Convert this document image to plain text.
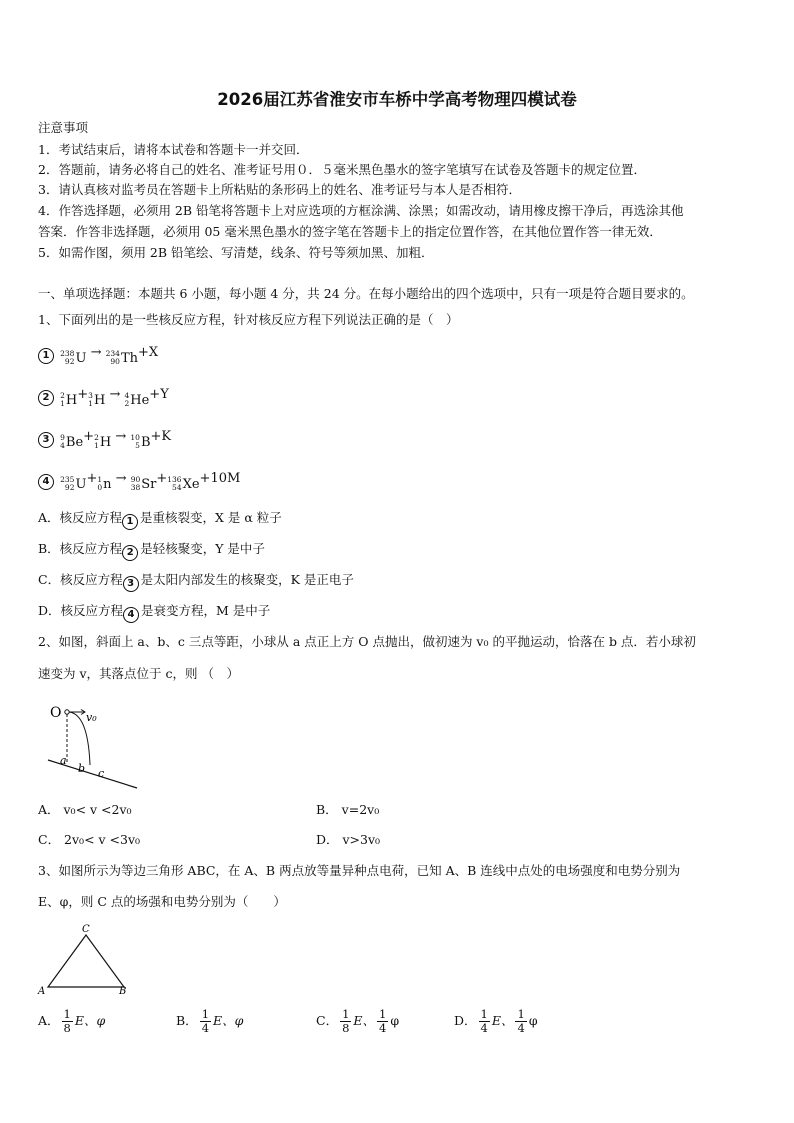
2026届江苏省淮安市车桥中学高考物理四模试卷
注意事项
1．考试结束后，请将本试卷和答题卡一并交回．
2．答题前，请务必将自己的姓名、准考证号用０．５毫米黑色墨水的签字笔填写在试卷及答题卡的规定位置．
3．请认真核对监考员在答题卡上所粘贴的条形码上的姓名、准考证号与本人是否相符．
4．作答选择题，必须用 2B 铅笔将答题卡上对应选项的方框涂满、涂黑；如需改动，请用橡皮擦干净后，再选涂其他
答案．作答非选择题，必须用 05 毫米黑色墨水的签字笔在答题卡上的指定位置作答，在其他位置作答一律无效．
5．如需作图，须用 2B 铅笔绘、写清楚，线条、符号等须加黑、加粗．
一、单项选择题：本题共 6 小题，每小题 4 分，共 24 分。在每小题给出的四个选项中，只有一项是符合题目要求的。
1、下面列出的是一些核反应方程，针对核反应方程下列说法正确的是（　）
1 238
92 U → 234
90 Th +X
2 2
1 H + 3
1 H → 4
2 He +Y
3 9
4 Be + 2
1 H → 10
5 B +K
4 235
92 U + 1
0 n → 90
38 Sr + 136
54 Xe +10M
A．核反应方程 1 是重核裂变，X 是 α 粒子
B．核反应方程 2 是轻核聚变，Y 是中子
C．核反应方程 3 是太阳内部发生的核聚变，K 是正电子
D．核反应方程 4 是衰变方程，M 是中子
2、如图，斜面上 a、b、c 三点等距，小球从 a 点正上方 O 点抛出，做初速为 v₀ 的平抛运动，恰落在 b 点．若小球初
速变为 v，其落点位于 c，则 （　）
O v₀
a
b c
A． v₀< v <2v₀	B． v=2v₀
C． 2v₀< v <3v₀	D． v>3v₀
3、如图所示为等边三角形 ABC，在 A、B 两点放等量异种点电荷，已知 A、B 连线中点处的电场强度和电势分别为
E、φ，则 C 点的场强和电势分别为（　　）
C
A	B
A． $\frac{1}{8}$ E、φ	B． $\frac{1}{4}$ E、φ	C． $\frac{1}{8}$ E、 $\frac{1}{4}$ φ	D． $\frac{1}{4}$ E、 $\frac{1}{4}$ φ
